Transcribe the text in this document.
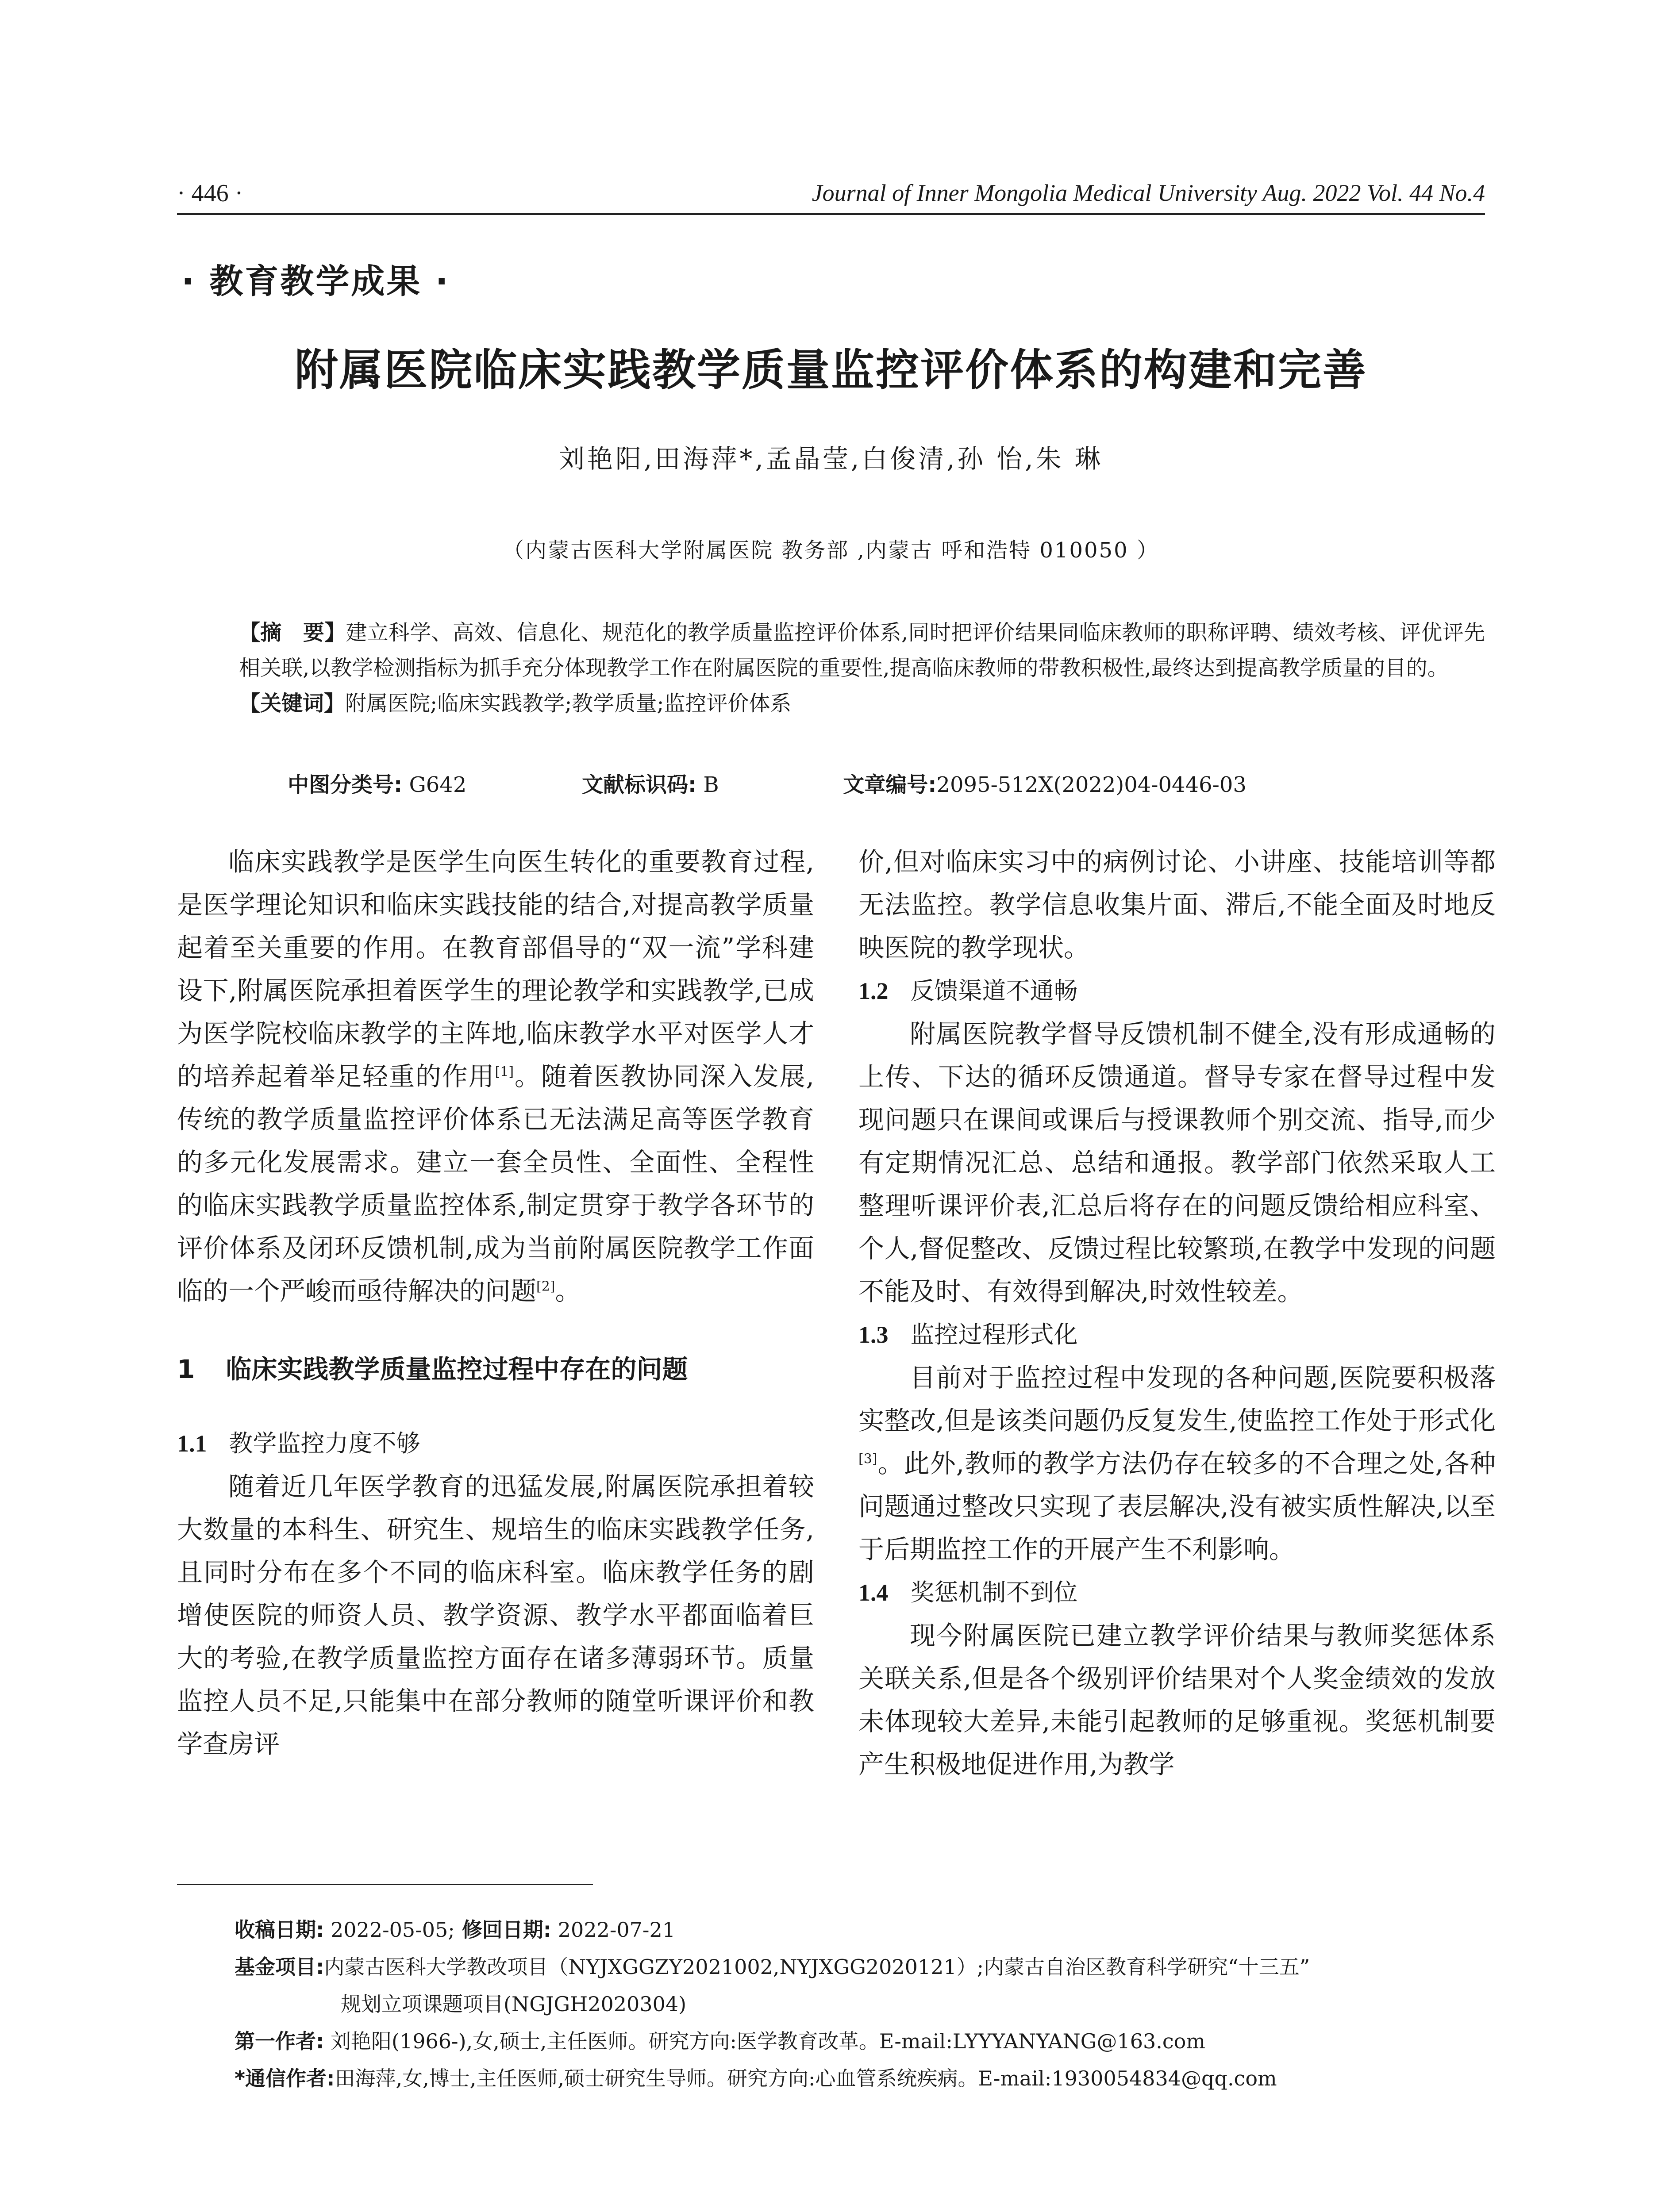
· 446 ·	Journal of Inner Mongolia Medical University Aug. 2022 Vol. 44 No.4
· 教育教学成果 ·
附属医院临床实践教学质量监控评价体系的构建和完善
刘艳阳,田海萍*,孟晶莹,白俊清,孙 怡,朱 琳
（内蒙古医科大学附属医院 教务部 ,内蒙古 呼和浩特 010050 ）

【摘　要】建立科学、高效、信息化、规范化的教学质量监控评价体系,同时把评价结果同临床教师的职称评聘、绩效考核、评优评先相关联,以教学检测指标为抓手充分体现教学工作在附属医院的重要性,提高临床教师的带教积极性,最终达到提高教学质量的目的。

【关键词】附属医院;临床实践教学;教学质量;监控评价体系

中图分类号: G642	文献标识码: B	文章编号:2095-512X(2022)04-0446-03

临床实践教学是医学生向医生转化的重要教育过程,是医学理论知识和临床实践技能的结合,对提高教学质量起着至关重要的作用。在教育部倡导的“双一流”学科建设下,附属医院承担着医学生的理论教学和实践教学,已成为医学院校临床教学的主阵地,临床教学水平对医学人才的培养起着举足轻重的作用[1]。随着医教协同深入发展,传统的教学质量监控评价体系已无法满足高等医学教育的多元化发展需求。建立一套全员性、全面性、全程性的临床实践教学质量监控体系,制定贯穿于教学各环节的评价体系及闭环反馈机制,成为当前附属医院教学工作面临的一个严峻而亟待解决的问题[2]。

1 临床实践教学质量监控过程中存在的问题
1.1 教学监控力度不够

随着近几年医学教育的迅猛发展,附属医院承担着较大数量的本科生、研究生、规培生的临床实践教学任务,且同时分布在多个不同的临床科室。临床教学任务的剧增使医院的师资人员、教学资源、教学水平都面临着巨大的考验,在教学质量监控方面存在诸多薄弱环节。质量监控人员不足,只能集中在部分教师的随堂听课评价和教学查房评

价,但对临床实习中的病例讨论、小讲座、技能培训等都无法监控。教学信息收集片面、滞后,不能全面及时地反映医院的教学现状。

1.2 反馈渠道不通畅

附属医院教学督导反馈机制不健全,没有形成通畅的上传、下达的循环反馈通道。督导专家在督导过程中发现问题只在课间或课后与授课教师个别交流、指导,而少有定期情况汇总、总结和通报。教学部门依然采取人工整理听课评价表,汇总后将存在的问题反馈给相应科室、个人,督促整改、反馈过程比较繁琐,在教学中发现的问题不能及时、有效得到解决,时效性较差。

1.3 监控过程形式化

目前对于监控过程中发现的各种问题,医院要积极落实整改,但是该类问题仍反复发生,使监控工作处于形式化[3]。此外,教师的教学方法仍存在较多的不合理之处,各种问题通过整改只实现了表层解决,没有被实质性解决,以至于后期监控工作的开展产生不利影响。

1.4 奖惩机制不到位

现今附属医院已建立教学评价结果与教师奖惩体系关联关系,但是各个级别评价结果对个人奖金绩效的发放未体现较大差异,未能引起教师的足够重视。奖惩机制要产生积极地促进作用,为教学

收稿日期: 2022-05-05; 修回日期: 2022-07-21

基金项目:内蒙古医科大学教改项目（NYJXGGZY2021002,NYJXGG2020121）;内蒙古自治区教育科学研究“十三五”

规划立项课题项目(NGJGH2020304)

第一作者: 刘艳阳(1966-),女,硕士,主任医师。研究方向:医学教育改革。E-mail:LYYYANYANG@163.com

*通信作者:田海萍,女,博士,主任医师,硕士研究生导师。研究方向:心血管系统疾病。E-mail:1930054834@qq.com
